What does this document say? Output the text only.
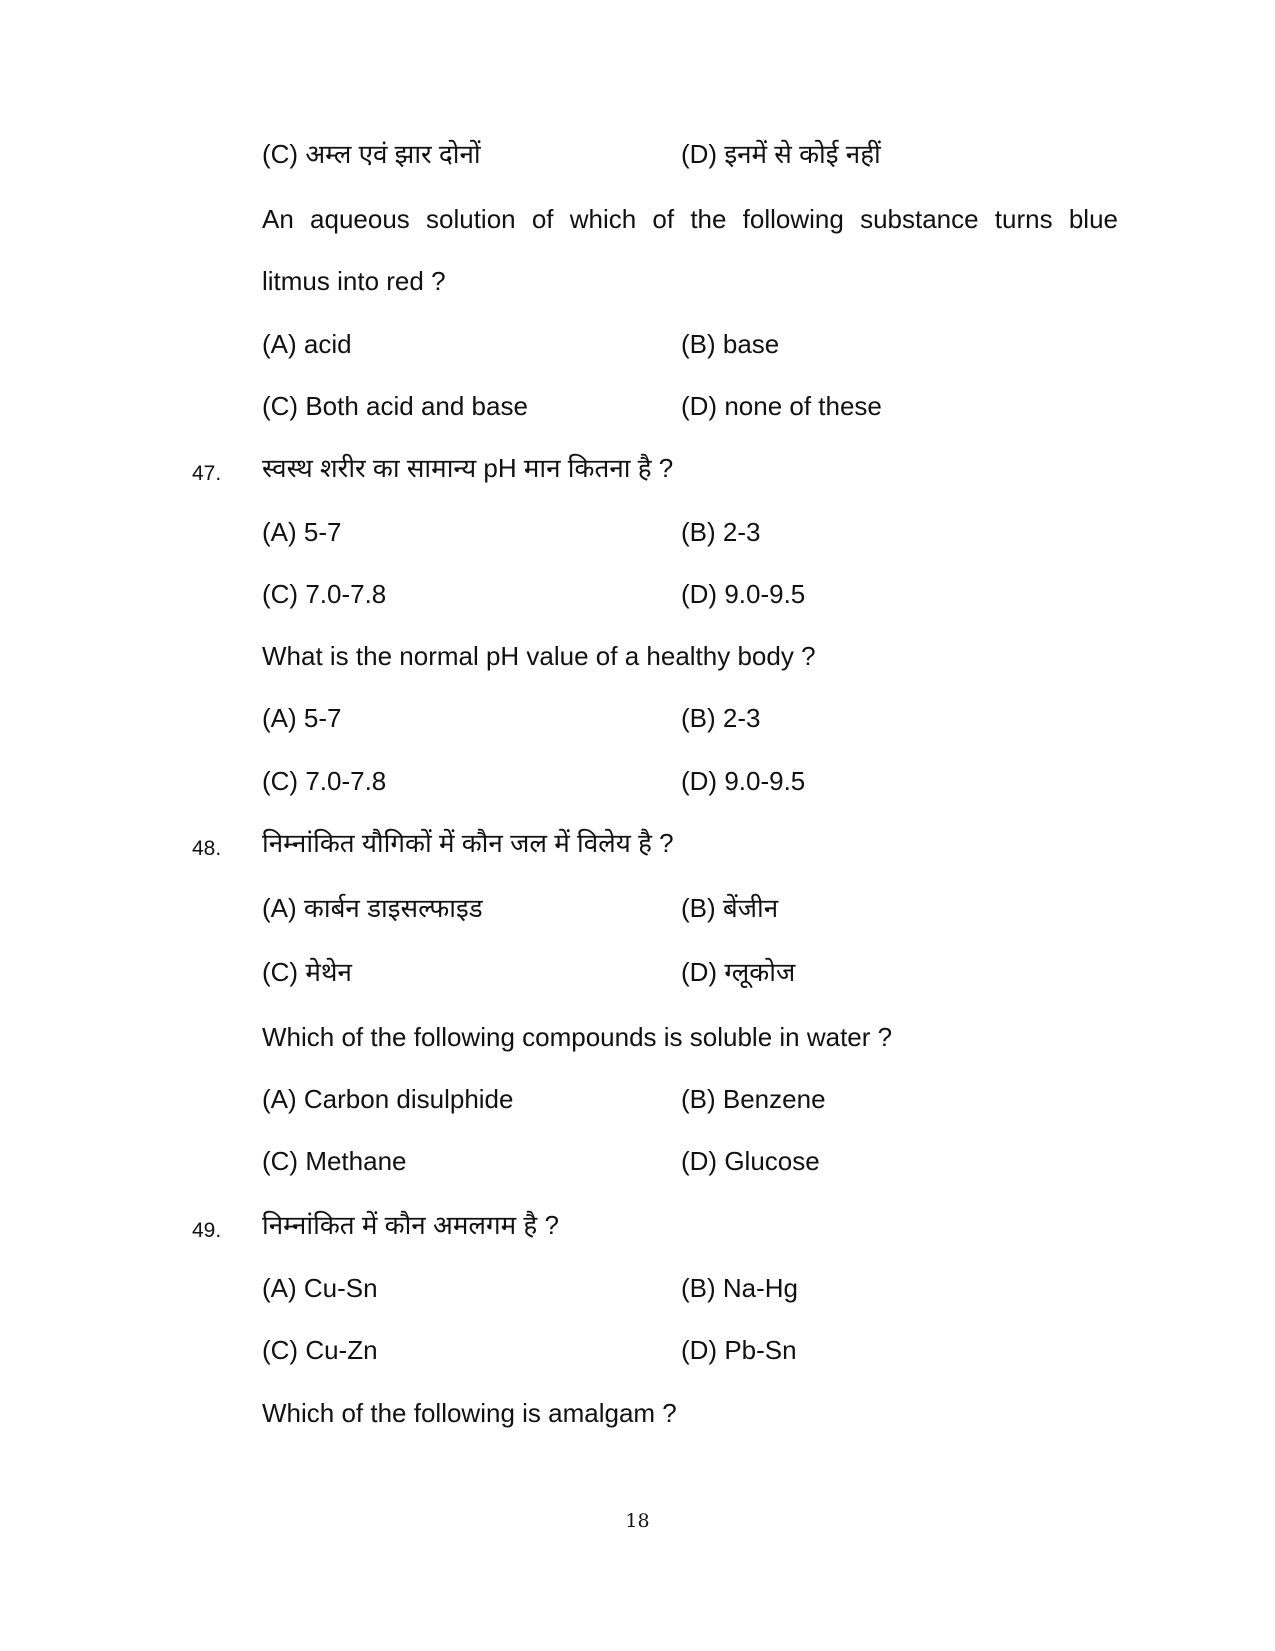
(C) अम्ल एवं झार दोनों	(D) इनमें से कोई नहीं
An aqueous solution of which of the following substance turns blue
litmus into red ?
(A) acid	(B) base
(C) Both acid and base	(D) none of these
47. स्वस्थ शरीर का सामान्य pH मान कितना है ?
(A) 5-7	(B) 2-3
(C) 7.0-7.8	(D) 9.0-9.5
What is the normal pH value of a healthy body ?
(A) 5-7	(B) 2-3
(C) 7.0-7.8	(D) 9.0-9.5
48. निम्नांकित यौगिकों में कौन जल में विलेय है ?
(A) कार्बन डाइसल्फाइड	(B) बेंजीन
(C) मेथेन	(D) ग्लूकोज
Which of the following compounds is soluble in water ?
(A) Carbon disulphide	(B) Benzene
(C) Methane	(D) Glucose
49. निम्नांकित में कौन अमलगम है ?
(A) Cu-Sn	(B) Na-Hg
(C) Cu-Zn	(D) Pb-Sn
Which of the following is amalgam ?
18
